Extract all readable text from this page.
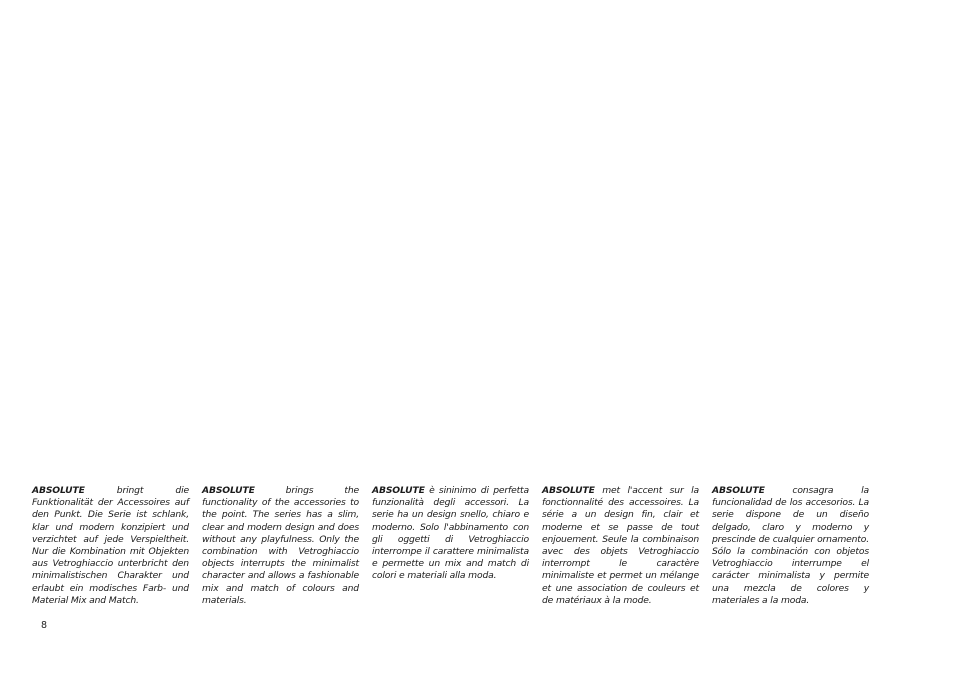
ABSOLUTE bringt die Funktionalität der Accessoires auf den Punkt. Die Serie ist schlank, klar und modern konzipiert und verzichtet auf jede Verspieltheit. Nur die Kombination mit Objekten aus Vetroghiaccio unterbricht den minimalistischen Charakter und erlaubt ein modisches Farb- und Material Mix and Match.
ABSOLUTE brings the functionality of the accessories to the point. The series has a slim, clear and modern design and does without any playfulness. Only the combination with Vetroghiaccio objects interrupts the minimalist character and allows a fashionable mix and match of colours and materials.
ABSOLUTE è sininimo di perfetta funzionalità degli accessori. La serie ha un design snello, chiaro e moderno. Solo l'abbinamento con gli oggetti di Vetroghiaccio interrompe il carattere minimalista e permette un mix and match di colori e materiali alla moda.
ABSOLUTE met l'accent sur la fonctionnalité des accessoires. La série a un design fin, clair et moderne et se passe de tout enjouement. Seule la combinaison avec des objets Vetroghiaccio interrompt le caractère minimaliste et permet un mélange et une association de couleurs et de matériaux à la mode.
ABSOLUTE consagra la funcionalidad de los accesorios. La serie dispone de un diseño delgado, claro y moderno y prescinde de cualquier ornamento. Sólo la combinación con objetos Vetroghiaccio interrumpe el carácter minimalista y permite una mezcla de colores y materiales a la moda.
8
